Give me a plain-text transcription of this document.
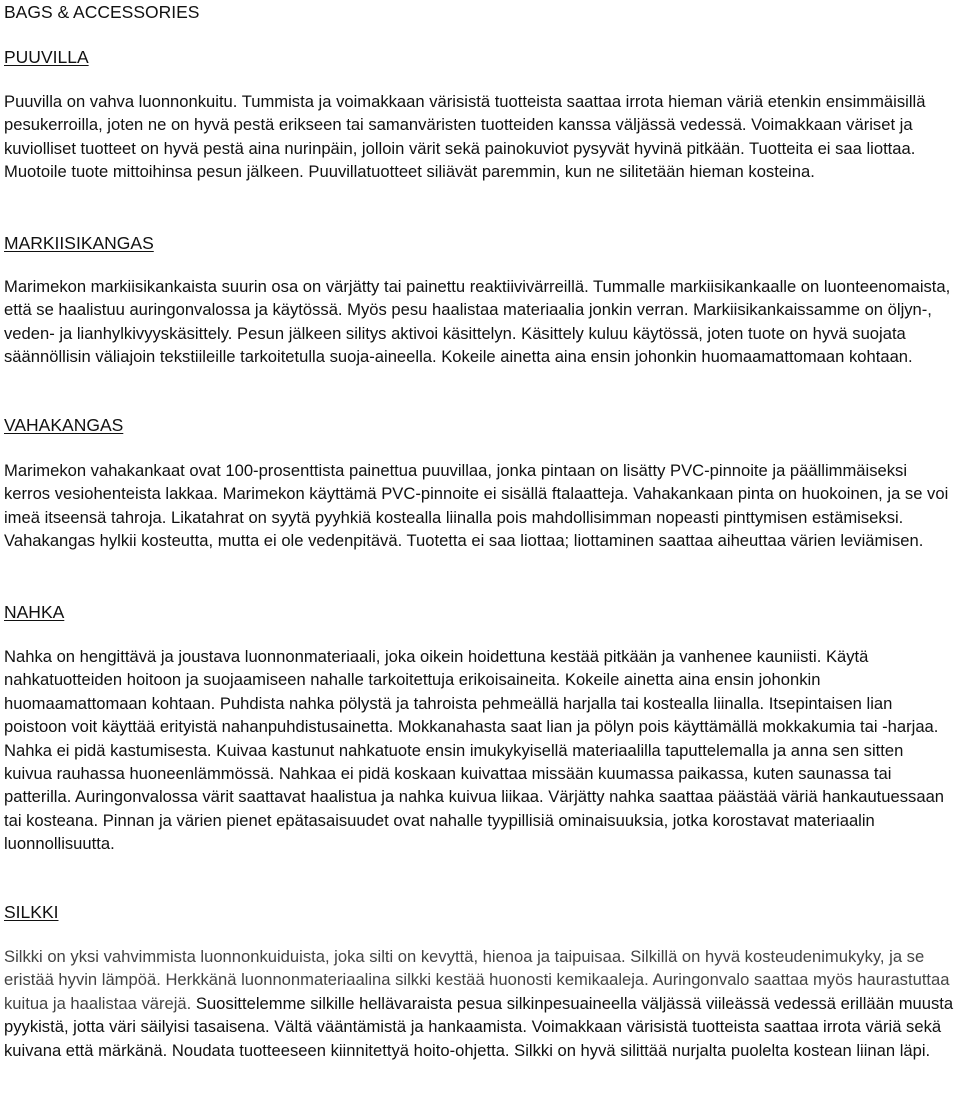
BAGS & ACCESSORIES
PUUVILLA

Puuvilla on vahva luonnonkuitu. Tummista ja voimakkaan värisistä tuotteista saattaa irrota hieman väriä etenkin ensimmäisillä pesukerroilla, joten ne on hyvä pestä erikseen tai samanväristen tuotteiden kanssa väljässä vedessä. Voimakkaan väriset ja kuviolliset tuotteet on hyvä pestä aina nurinpäin, jolloin värit sekä painokuviot pysyvät hyvinä pitkään. Tuotteita ei saa liottaa. Muotoile tuote mittoihinsa pesun jälkeen. Puuvillatuotteet siliävät paremmin, kun ne silitetään hieman kosteina.

MARKIISIKANGAS

Marimekon markiisikankaista suurin osa on värjätty tai painettu reaktiivivärreillä. Tummalle markiisikankaalle on luonteenomaista, että se haalistuu auringonvalossa ja käytössä. Myös pesu haalistaa materiaalia jonkin verran. Markiisikankaissamme on öljyn-, veden- ja lianhylkivyyskäsittely. Pesun jälkeen silitys aktivoi käsittelyn. Käsittely kuluu käytössä, joten tuote on hyvä suojata säännöllisin väliajoin tekstiileille tarkoitetulla suoja-aineella. Kokeile ainetta aina ensin johonkin huomaamattomaan kohtaan.

VAHAKANGAS

Marimekon vahakankaat ovat 100-prosenttista painettua puuvillaa, jonka pintaan on lisätty PVC-pinnoite ja päällimmäiseksi kerros vesiohenteista lakkaa. Marimekon käyttämä PVC-pinnoite ei sisällä ftalaatteja. Vahakankaan pinta on huokoinen, ja se voi imeä itseensä tahroja. Likatahrat on syytä pyyhkiä kostealla liinalla pois mahdollisimman nopeasti pinttymisen estämiseksi. Vahakangas hylkii kosteutta, mutta ei ole vedenpitävä. Tuotetta ei saa liottaa; liottaminen saattaa aiheuttaa värien leviämisen.

NAHKA

Nahka on hengittävä ja joustava luonnonmateriaali, joka oikein hoidettuna kestää pitkään ja vanhenee kauniisti. Käytä nahkatuotteiden hoitoon ja suojaamiseen nahalle tarkoitettuja erikoisaineita. Kokeile ainetta aina ensin johonkin huomaamattomaan kohtaan. Puhdista nahka pölystä ja tahroista pehmeällä harjalla tai kostealla liinalla. Itsepintaisen lian poistoon voit käyttää erityistä nahanpuhdistusainetta. Mokkanahasta saat lian ja pölyn pois käyttämällä mokkakumia tai -harjaa. Nahka ei pidä kastumisesta. Kuivaa kastunut nahkatuote ensin imukykyisellä materiaalilla taputtelemalla ja anna sen sitten kuivua rauhassa huoneenlämmössä. Nahkaa ei pidä koskaan kuivattaa missään kuumassa paikassa, kuten saunassa tai patterilla. Auringonvalossa värit saattavat haalistua ja nahka kuivua liikaa. Värjätty nahka saattaa päästää väriä hankautuessaan tai kosteana. Pinnan ja värien pienet epätasaisuudet ovat nahalle tyypillisiä ominaisuuksia, jotka korostavat materiaalin luonnollisuutta.

SILKKI

Silkki on yksi vahvimmista luonnonkuiduista, joka silti on kevyttä, hienoa ja taipuisaa. Silkillä on hyvä kosteudenimukyky, ja se eristää hyvin lämpöä. Herkkänä luonnonmateriaalina silkki kestää huonosti kemikaaleja. Auringonvalo saattaa myös haurastuttaa kuitua ja haalistaa värejä. Suosittelemme silkille hellävaraista pesua silkinpesuaineella väljässä viileässä vedessä erillään muusta pyykistä, jotta väri säilyisi tasaisena. Vältä vääntämistä ja hankaamista. Voimakkaan värisistä tuotteista saattaa irrota väriä sekä kuivana että märkänä. Noudata tuotteeseen kiinnitettyä hoito-ohjetta. Silkki on hyvä silittää nurjalta puolelta kostean liinan läpi.
